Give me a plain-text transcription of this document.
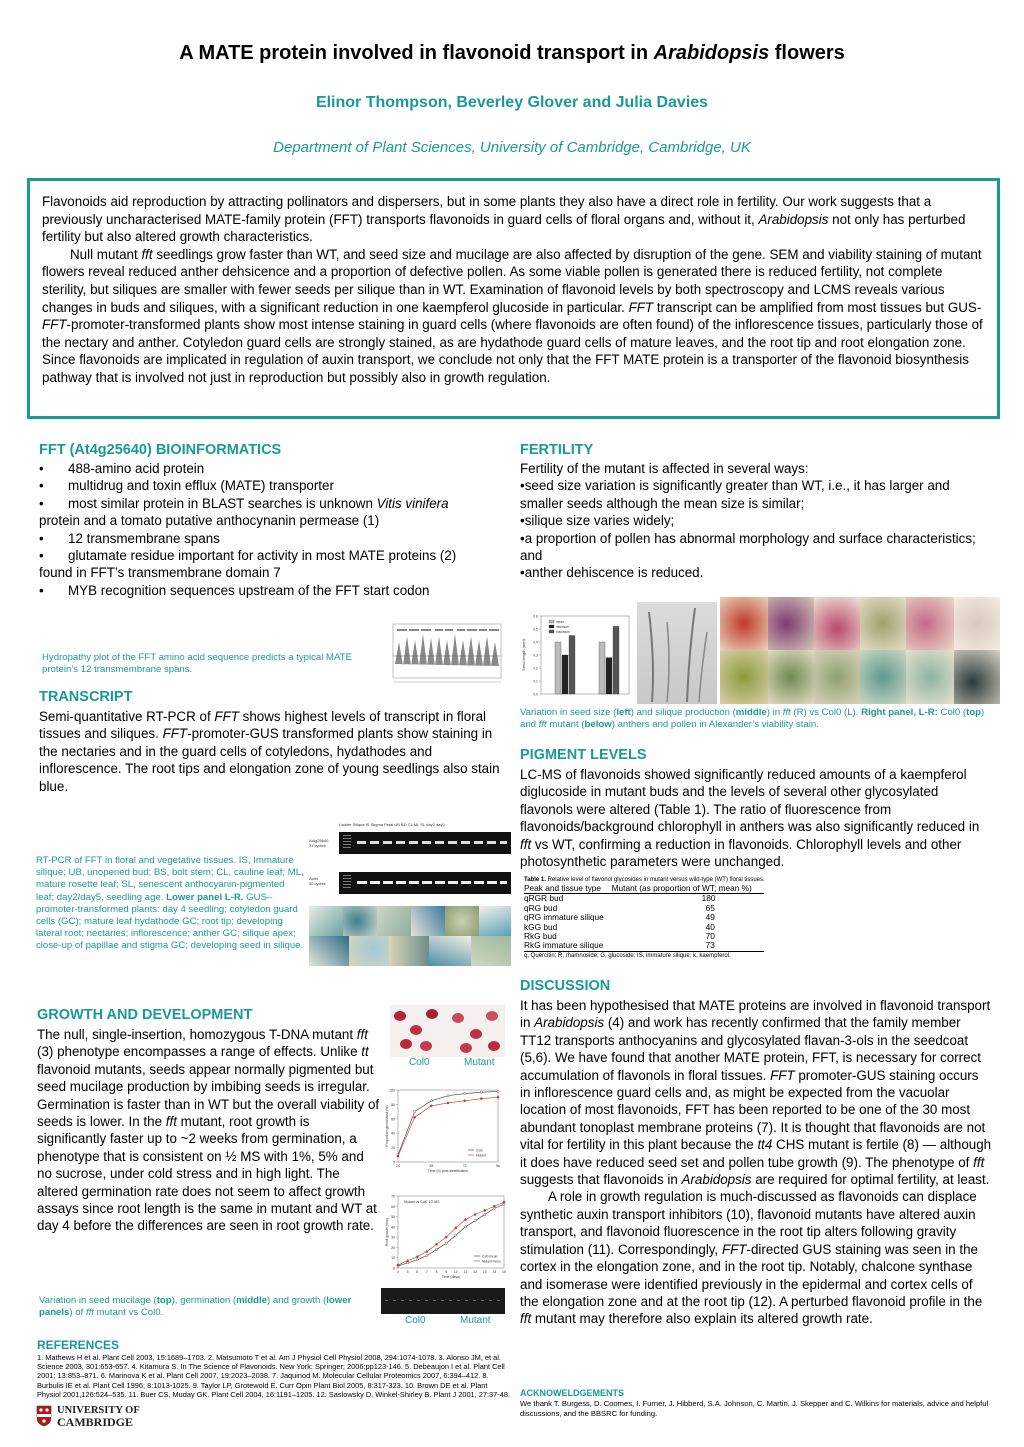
A MATE protein involved in flavonoid transport in Arabidopsis flowers
Elinor Thompson, Beverley Glover and Julia Davies
Department of Plant Sciences, University of Cambridge, Cambridge, UK

Flavonoids aid reproduction by attracting pollinators and dispersers, but in some plants they also have a direct role in fertility. Our work suggests that a previously uncharacterised MATE-family protein (FFT) transports flavonoids in guard cells of floral organs and, without it, Arabidopsis not only has perturbed fertility but also altered growth characteristics.

Null mutant fft seedlings grow faster than WT, and seed size and mucilage are also affected by disruption of the gene. SEM and viability staining of mutant flowers reveal reduced anther dehsicence and a proportion of defective pollen. As some viable pollen is generated there is reduced fertility, not complete sterility, but siliques are smaller with fewer seeds per silique than in WT. Examination of flavonoid levels by both spectroscopy and LCMS reveals various changes in buds and siliques, with a significant reduction in one kaempferol glucoside in particular. FFT transcript can be amplified from most tissues but GUS-FFT-promoter-transformed plants show most intense staining in guard cells (where flavonoids are often found) of the inflorescence tissues, particularly those of the nectary and anther. Cotyledon guard cells are strongly stained, as are hydathode guard cells of mature leaves, and the root tip and root elongation zone. Since flavonoids are implicated in regulation of auxin transport, we conclude not only that the FFT MATE protein is a transporter of the flavonoid biosynthesis pathway that is involved not just in reproduction but possibly also in growth regulation.

FFT (At4g25640) BIOINFORMATICS
• 488-amino acid protein
• multidrug and toxin efflux (MATE) transporter
• most similar protein in BLAST searches is unknown Vitis vinifera
protein and a tomato putative anthocynanin permease (1)
• 12 transmembrane spans
• glutamate residue important for activity in most MATE proteins (2)
found in FFT’s transmembrane domain 7
• MYB recognition sequences upstream of the FFT start codon
Hydropathy plot of the FFT amino acid sequence predicts a typical MATE protein’s 12 transmembrane spans.
TRANSCRIPT
Semi-quantitative RT-PCR of FFT shows highest levels of transcript in floral tissues and siliques. FFT-promoter-GUS transformed plants show staining in the nectaries and in the guard cells of cotyledons, hydathodes and inflorescence. The root tips and elongation zone of young seedlings also stain blue.
Ladder Silique IS Stigma Petal UB BD CL ML SL day2 day5
At4g25640
31 cycles
Actin
30 cycles
RT-PCR of FFT in floral and vegetative tissues. IS, Immature silique; UB, unopened bud; BS, bolt stem; CL, cauline leaf; ML, mature rosette leaf; SL, senescent anthocyanin-pigmented leaf; day2/day5, seedling age. Lower panel L-R. GUS–promoter-transformed plants: day 4 seedling; cotyledon guard cells (GC); mature leaf hydathode GC; root tip; developing lateral root; nectaries; inflorescence; anther GC; silique apex; close-up of papillae and stigma GC; developing seed in silique.
GROWTH AND DEVELOPMENT
The null, single-insertion, homozygous T-DNA mutant fft (3) phenotype encompasses a range of effects. Unlike tt flavonoid mutants, seeds appear normally pigmented but seed mucilage production by imbibing seeds is irregular. Germination is faster than in WT but the overall viability of seeds is lower. In the fft mutant, root growth is significantly faster up to ~2 weeks from germination, a phenotype that is consistent on ½ MS with 1%, 5% and no sucrose, under cold stress and in high light. The altered germination rate does not seem to affect growth assays since root length is the same in mutant and WT at day 4 before the differences are seen in root growth rate.
Col0	Mutant
0
20
40
60
80
100
24	48	72	96
Time (h) post-stratification
Proportion germinated (%)
Col0
Mutant
0
10
20
30
40
50
60
70
4 5 6 7 8 9 10 11 12 13 14 15
Time (days)
Root growth (mm)
Mutant vs Col0 1/2 MS
Col0 mean
Mutant mean
Variation in seed mucilage (top), germination (middle) and growth (lower panels) of fft mutant vs Col0.
Col0	Mutant
REFERENCES
1. Mathews H et al. Plant Cell 2003, 15:1689–1703. 2. Matsumoto T et al. Am J Physiol Cell Physiol 2008, 294:1074-1078. 3. Alonso JM, et al. Science 2003, 301:653-657. 4. Kitamura S. In The Science of Flavonoids. New York: Springer; 2006;pp123-146. 5. Debeaujon I et al. Plant Cell 2001; 13:853–871. 6. Marinova K et al. Plant Cell 2007, 19:2023–2038. 7. Jaquinod M. Molecular Cellular Proteomics 2007, 6:394–412. 8. Burbulis IE et al. Plant Cell 1996; 8:1013-1025. 9. Taylor LP, Grotewold E. Curr Opin Plant Biol 2005, 8:317-323. 10. Brown DE et al. Plant Physiol 2001,126:524–535. 11. Buer CS, Muday GK. Plant Cell 2004, 16:1191–1205. 12. Saslowsky D, Winkel-Shirley B. Plant J 2001, 27:37-48.
UNIVERSITY OF
CAMBRIDGE
FERTILITY
Fertility of the mutant is affected in several ways:
•seed size variation is significantly greater than WT, i.e., it has larger and smaller seeds although the mean size is similar;
•silique size varies widely;
•a proportion of pollen has abnormal morphology and surface characteristics; and
•anther dehiscence is reduced.
0.0
0.1
0.2
0.3
0.4
0.5
0.6
Seed length (mm)
mean
minimum
maximum
Variation in seed size (left) and silique production (middle) in fft (R) vs Col0 (L). Right panel, L-R: Col0 (top) and fft mutant (below) anthers and pollen in Alexander’s viability stain.
PIGMENT LEVELS
LC-MS of flavonoids showed significantly reduced amounts of a kaempferol diglucoside in mutant buds and the levels of several other glycosylated flavonols were altered (Table 1). The ratio of fluorescence from flavonoids/background chlorophyll in anthers was also significantly reduced in fft vs WT, confirming a reduction in flavonoids. Chlorophyll levels and other photosynthetic parameters were unchanged.
Table 1. Relative level of flavonol glycosides in mutant versus wild-type (WT) floral tissues.
Peak and tissue type	Mutant (as proportion of WT; mean %)
qRGR bud	180
qRG bud	65
qRG immature silique	49
kGG bud	40
RkG bud	70
RkG immature silique	73
q, Quercitin; R, rhamnoside; G, glucoside; IS, immature silique; k, kaempferol.
DISCUSSION

It has been hypothesised that MATE proteins are involved in flavonoid transport in Arabidopsis (4) and work has recently confirmed that the family member TT12 transports anthocyanins and glycosylated flavan-3-ols in the seedcoat (5,6). We have found that another MATE protein, FFT, is necessary for correct accumulation of flavonols in floral tissues. FFT promoter-GUS staining occurs in inflorescence guard cells and, as might be expected from the vacuolar location of most flavonoids, FFT has been reported to be one of the 30 most abundant tonoplast membrane proteins (7). It is thought that flavonoids are not vital for fertility in this plant because the tt4 CHS mutant is fertile (8) — although it does have reduced seed set and pollen tube growth (9). The phenotype of fft suggests that flavonoids in Arabidopsis are required for optimal fertility, at least.

A role in growth regulation is much-discussed as flavonoids can displace synthetic auxin transport inhibitors (10), flavonoid mutants have altered auxin transport, and flavonoid fluorescence in the root tip alters following gravity stimulation (11). Correspondingly, FFT-directed GUS staining was seen in the cortex in the elongation zone, and in the root tip. Notably, chalcone synthase and isomerase were identified previously in the epidermal and cortex cells of the elongation zone and at the root tip (12). A perturbed flavonoid profile in the fft mutant may therefore also explain its altered growth rate.

ACKNOWELDGEMENTS
We thank T. Burgess, D. Coomes, I. Furner, J. Hibberd, S.A. Johnson, C. Martin, J. Skepper and C. Wilkins for materials, advice and helpful discussions, and the BBSRC for funding.
